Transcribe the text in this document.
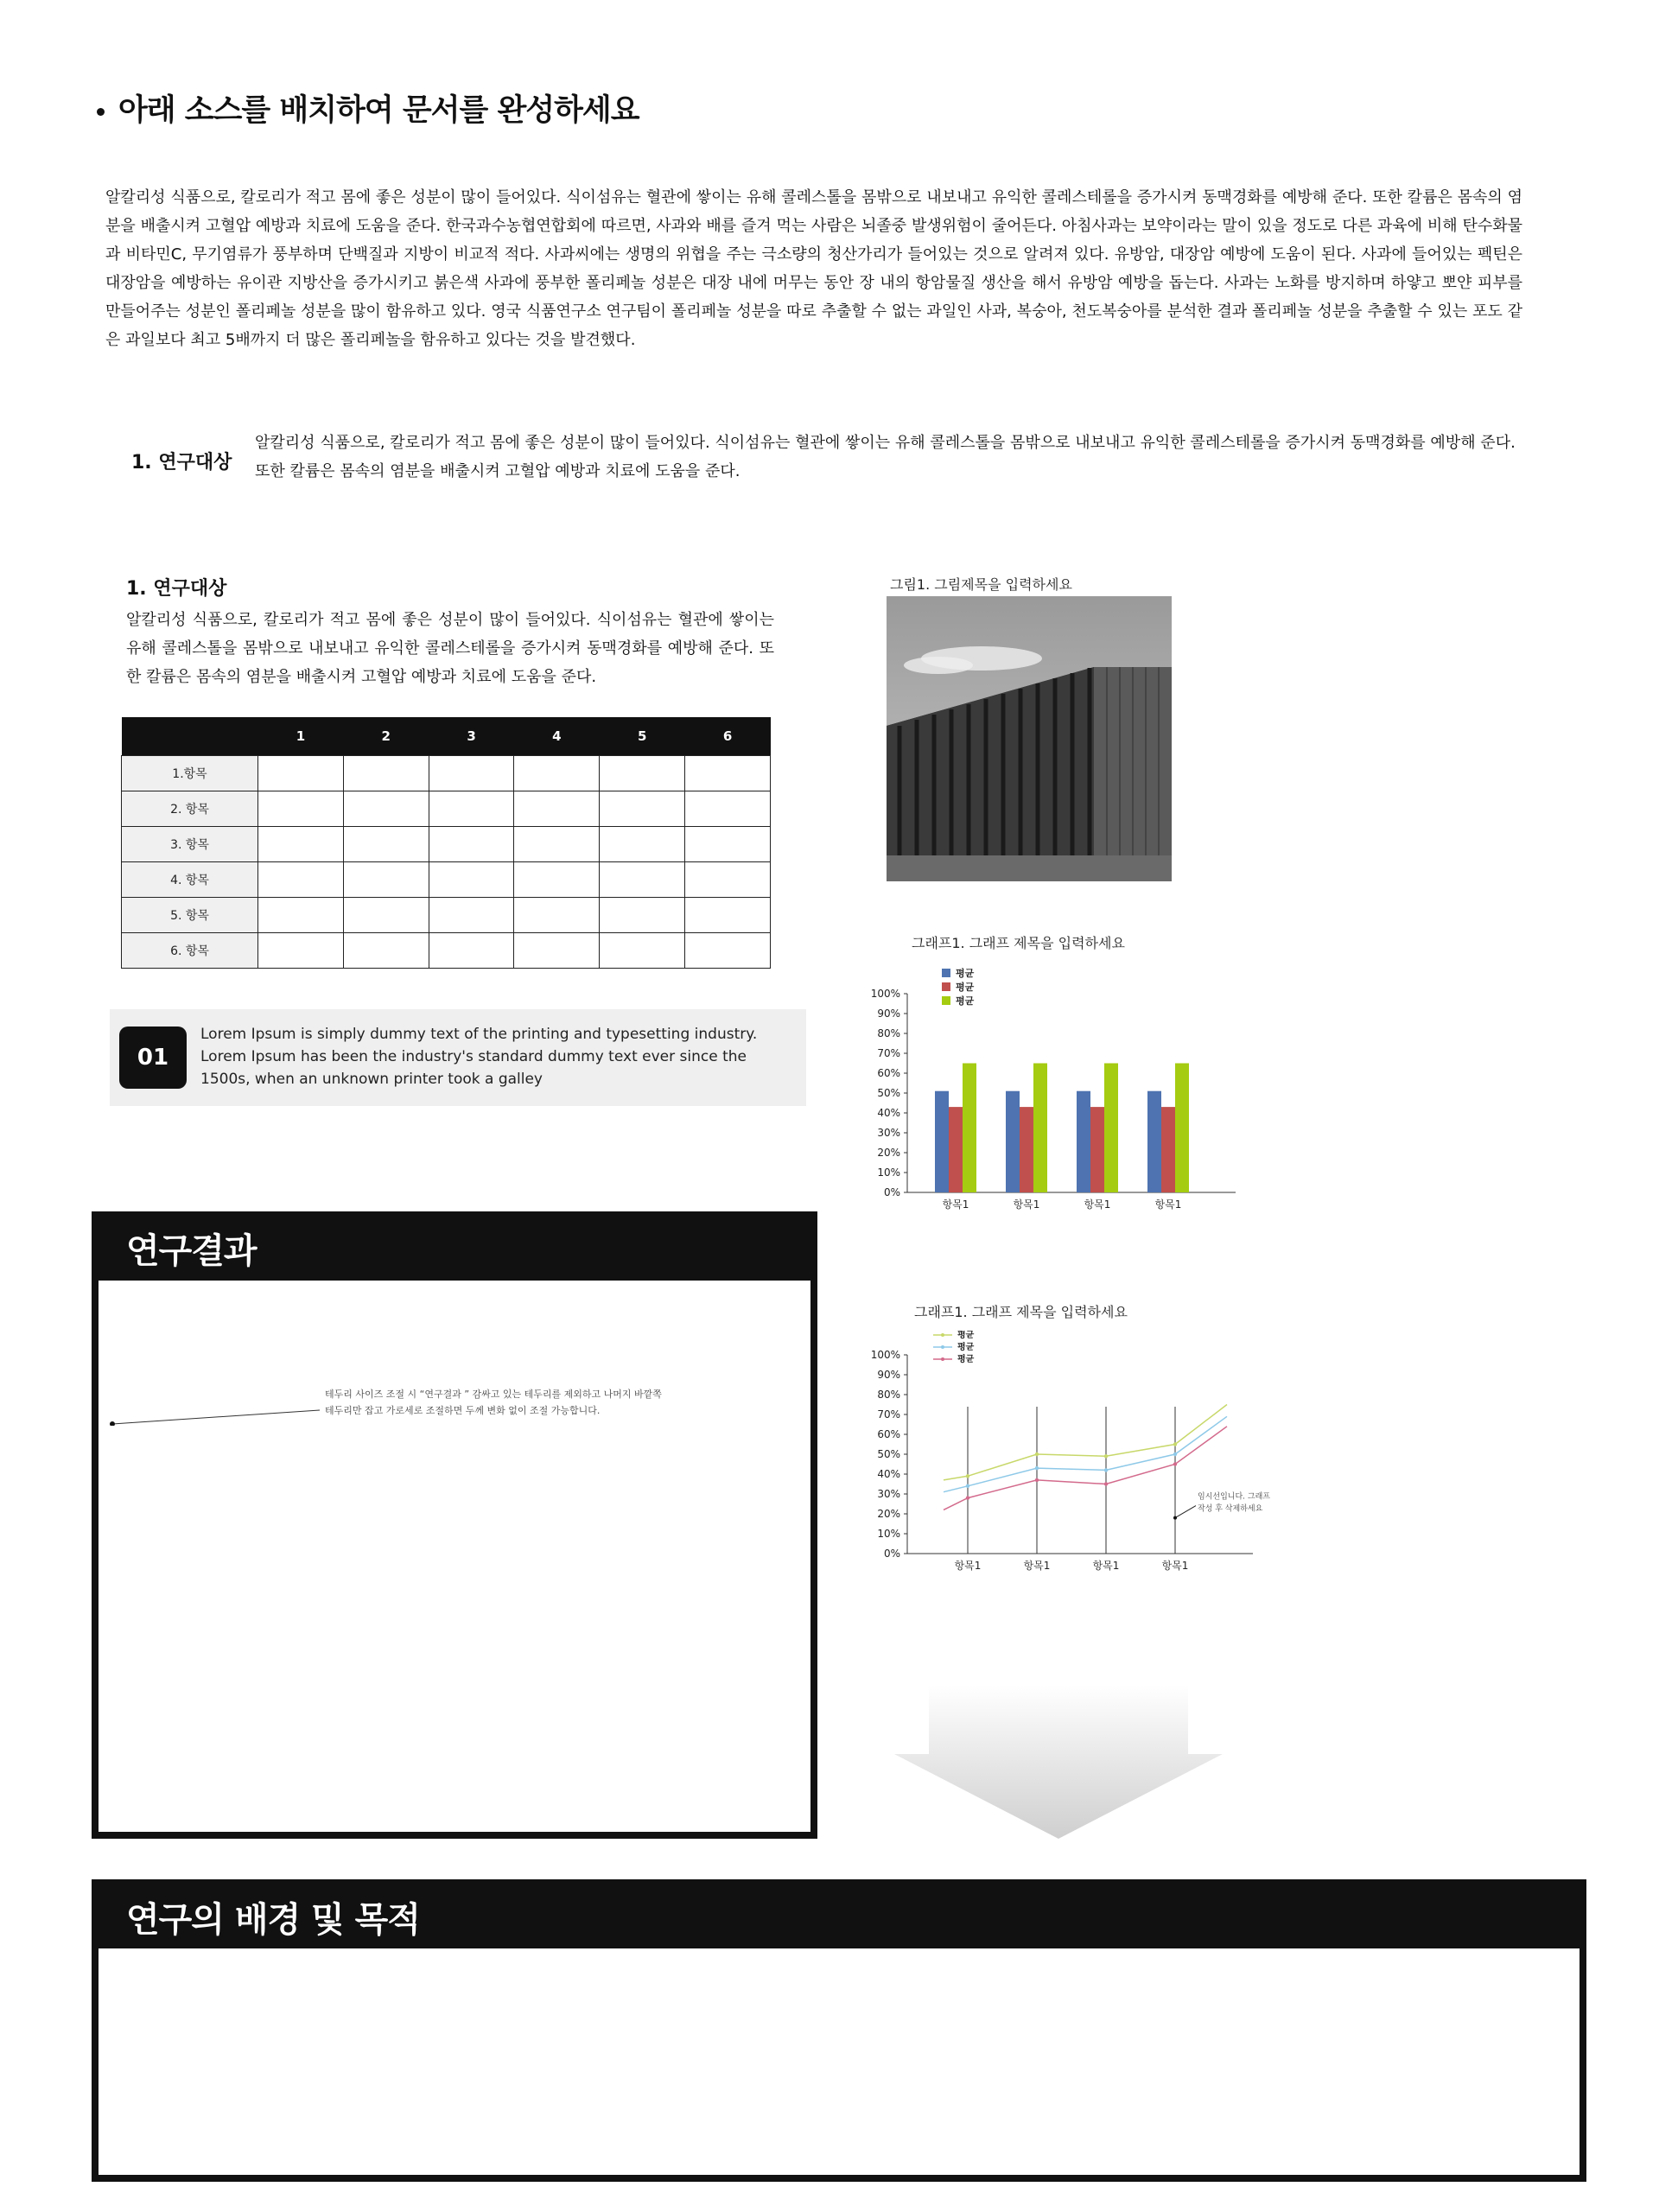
아래 소스를 배치하여 문서를 완성하세요
알칼리성 식품으로, 칼로리가 적고 몸에 좋은 성분이 많이 들어있다. 식이섬유는 혈관에 쌓이는 유해 콜레스톨을 몸밖으로 내보내고 유익한 콜레스테롤을 증가시켜 동맥경화를 예방해 준다. 또한 칼륨은 몸속의 염분을 배출시켜 고혈압 예방과 치료에 도움을 준다. 한국과수농협연합회에 따르면, 사과와 배를 즐겨 먹는 사람은 뇌졸중 발생위험이 줄어든다. 아침사과는 보약이라는 말이 있을 정도로 다른 과육에 비해 탄수화물과 비타민C, 무기염류가 풍부하며 단백질과 지방이 비교적 적다. 사과씨에는 생명의 위협을 주는 극소량의 청산가리가 들어있는 것으로 알려져 있다. 유방암, 대장암 예방에 도움이 된다. 사과에 들어있는 펙틴은 대장암을 예방하는 유이관 지방산을 증가시키고 붉은색 사과에 풍부한 폴리페놀 성분은 대장 내에 머무는 동안 장 내의 항암물질 생산을 해서 유방암 예방을 돕는다. 사과는 노화를 방지하며 하얗고 뽀얀 피부를 만들어주는 성분인 폴리페놀 성분을 많이 함유하고 있다. 영국 식품연구소 연구팀이 폴리페놀 성분을 따로 추출할 수 없는 과일인 사과, 복숭아, 천도복숭아를 분석한 결과 폴리페놀 성분을 추출할 수 있는 포도 같은 과일보다 최고 5배까지 더 많은 폴리페놀을 함유하고 있다는 것을 발견했다.
1. 연구대상
알칼리성 식품으로, 칼로리가 적고 몸에 좋은 성분이 많이 들어있다. 식이섬유는 혈관에 쌓이는 유해 콜레스톨을 몸밖으로 내보내고 유익한 콜레스테롤을 증가시켜 동맥경화를 예방해 준다. 또한 칼륨은 몸속의 염분을 배출시켜 고혈압 예방과 치료에 도움을 준다.
1. 연구대상
알칼리성 식품으로, 칼로리가 적고 몸에 좋은 성분이 많이 들어있다. 식이섬유는 혈관에 쌓이는 유해 콜레스톨을 몸밖으로 내보내고 유익한 콜레스테롤을 증가시켜 동맥경화를 예방해 준다. 또한 칼륨은 몸속의 염분을 배출시켜 고혈압 예방과 치료에 도움을 준다.
	1	2	3	4	5	6
1.항목						
2. 항목						
3. 항목						
4. 항목						
5. 항목						
6. 항목						
01
Lorem Ipsum is simply dummy text of the printing and typesetting industry. Lorem Ipsum has been the industry's standard dummy text ever since the 1500s, when an unknown printer took a galley
그림1. 그림제목을 입력하세요
그래프1. 그래프 제목을 입력하세요
0%
10%
20%
30%
40%
50%
60%
70%
80%
90%
100%
항목1	항목1	항목1	항목1
평균
평균
평균
그래프1. 그래프 제목을 입력하세요
0%
10%
20%
30%
40%
50%
60%
70%
80%
90%
100%
항목1	항목1	항목1	항목1
평균
평균
평균
임시선입니다. 그래프
작성 후 삭제하세요
연구결과
테두리 사이즈 조절 시 “연구결과 ” 감싸고 있는 테두리를 제외하고 나머지 바깥쪽 테두리만 잡고 가로세로 조절하면 두께 변화 없이 조절 가능합니다.
연구의 배경 및 목적
